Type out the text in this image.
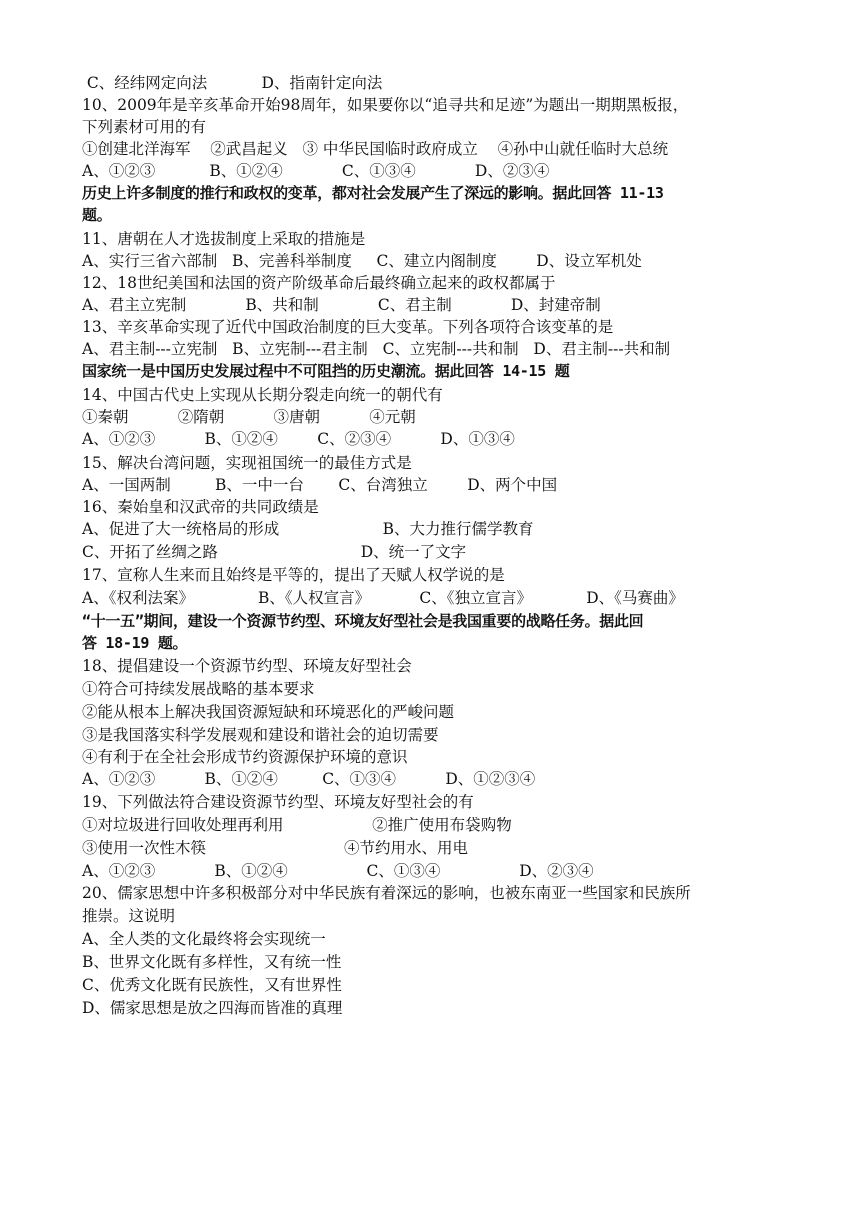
C、经纬网定向法           D、指南针定向法
10、2009年是辛亥革命开始98周年，如果要你以“追寻共和足迹”为题出一期期黑板报，
下列素材可用的有
①创建北洋海军    ②武昌起义   ③ 中华民国临时政府成立    ④孙中山就任临时大总统
A、①②③           B、①②④            C、①③④            D、②③④
历史上许多制度的推行和政权的变革，都对社会发展产生了深远的影响。据此回答 11-13
题。
11、唐朝在人才选拔制度上采取的措施是
A、实行三省六部制   B、完善科举制度     C、建立内阁制度        D、设立军机处
12、18世纪美国和法国的资产阶级革命后最终确立起来的政权都属于
A、君主立宪制            B、共和制            C、君主制            D、封建帝制
13、辛亥革命实现了近代中国政治制度的巨大变革。下列各项符合该变革的是
A、君主制---立宪制   B、立宪制---君主制   C、立宪制---共和制   D、君主制---共和制
国家统一是中国历史发展过程中不可阻挡的历史潮流。据此回答 14-15 题
14、中国古代史上实现从长期分裂走向统一的朝代有
①秦朝          ②隋朝          ③唐朝          ④元朝
A、①②③          B、①②④        C、②③④          D、①③④
15、解决台湾问题，实现祖国统一的最佳方式是
A、一国两制         B、一中一台       C、台湾独立        D、两个中国
16、秦始皇和汉武帝的共同政绩是
A、促进了大一统格局的形成                     B、大力推行儒学教育
C、开拓了丝绸之路                             D、统一了文字
17、宣称人生来而且始终是平等的，提出了天赋人权学说的是
A、《权利法案》             B、《人权宣言》          C、《独立宣言》           D、《马赛曲》
“十一五”期间，建设一个资源节约型、环境友好型社会是我国重要的战略任务。据此回
答 18-19 题。
18、提倡建设一个资源节约型、环境友好型社会
①符合可持续发展战略的基本要求
②能从根本上解决我国资源短缺和环境恶化的严峻问题
③是我国落实科学发展观和建设和谐社会的迫切需要
④有利于在全社会形成节约资源保护环境的意识
A、①②③          B、①②④         C、①③④          D、①②③④
19、下列做法符合建设资源节约型、环境友好型社会的有
①对垃圾进行回收处理再利用                  ②推广使用布袋购物
③使用一次性木筷                            ④节约用水、用电
A、①②③            B、①②④                C、①③④                D、②③④
20、儒家思想中许多积极部分对中华民族有着深远的影响，也被东南亚一些国家和民族所
推崇。这说明
A、全人类的文化最终将会实现统一
B、世界文化既有多样性，又有统一性
C、优秀文化既有民族性，又有世界性
D、儒家思想是放之四海而皆准的真理
